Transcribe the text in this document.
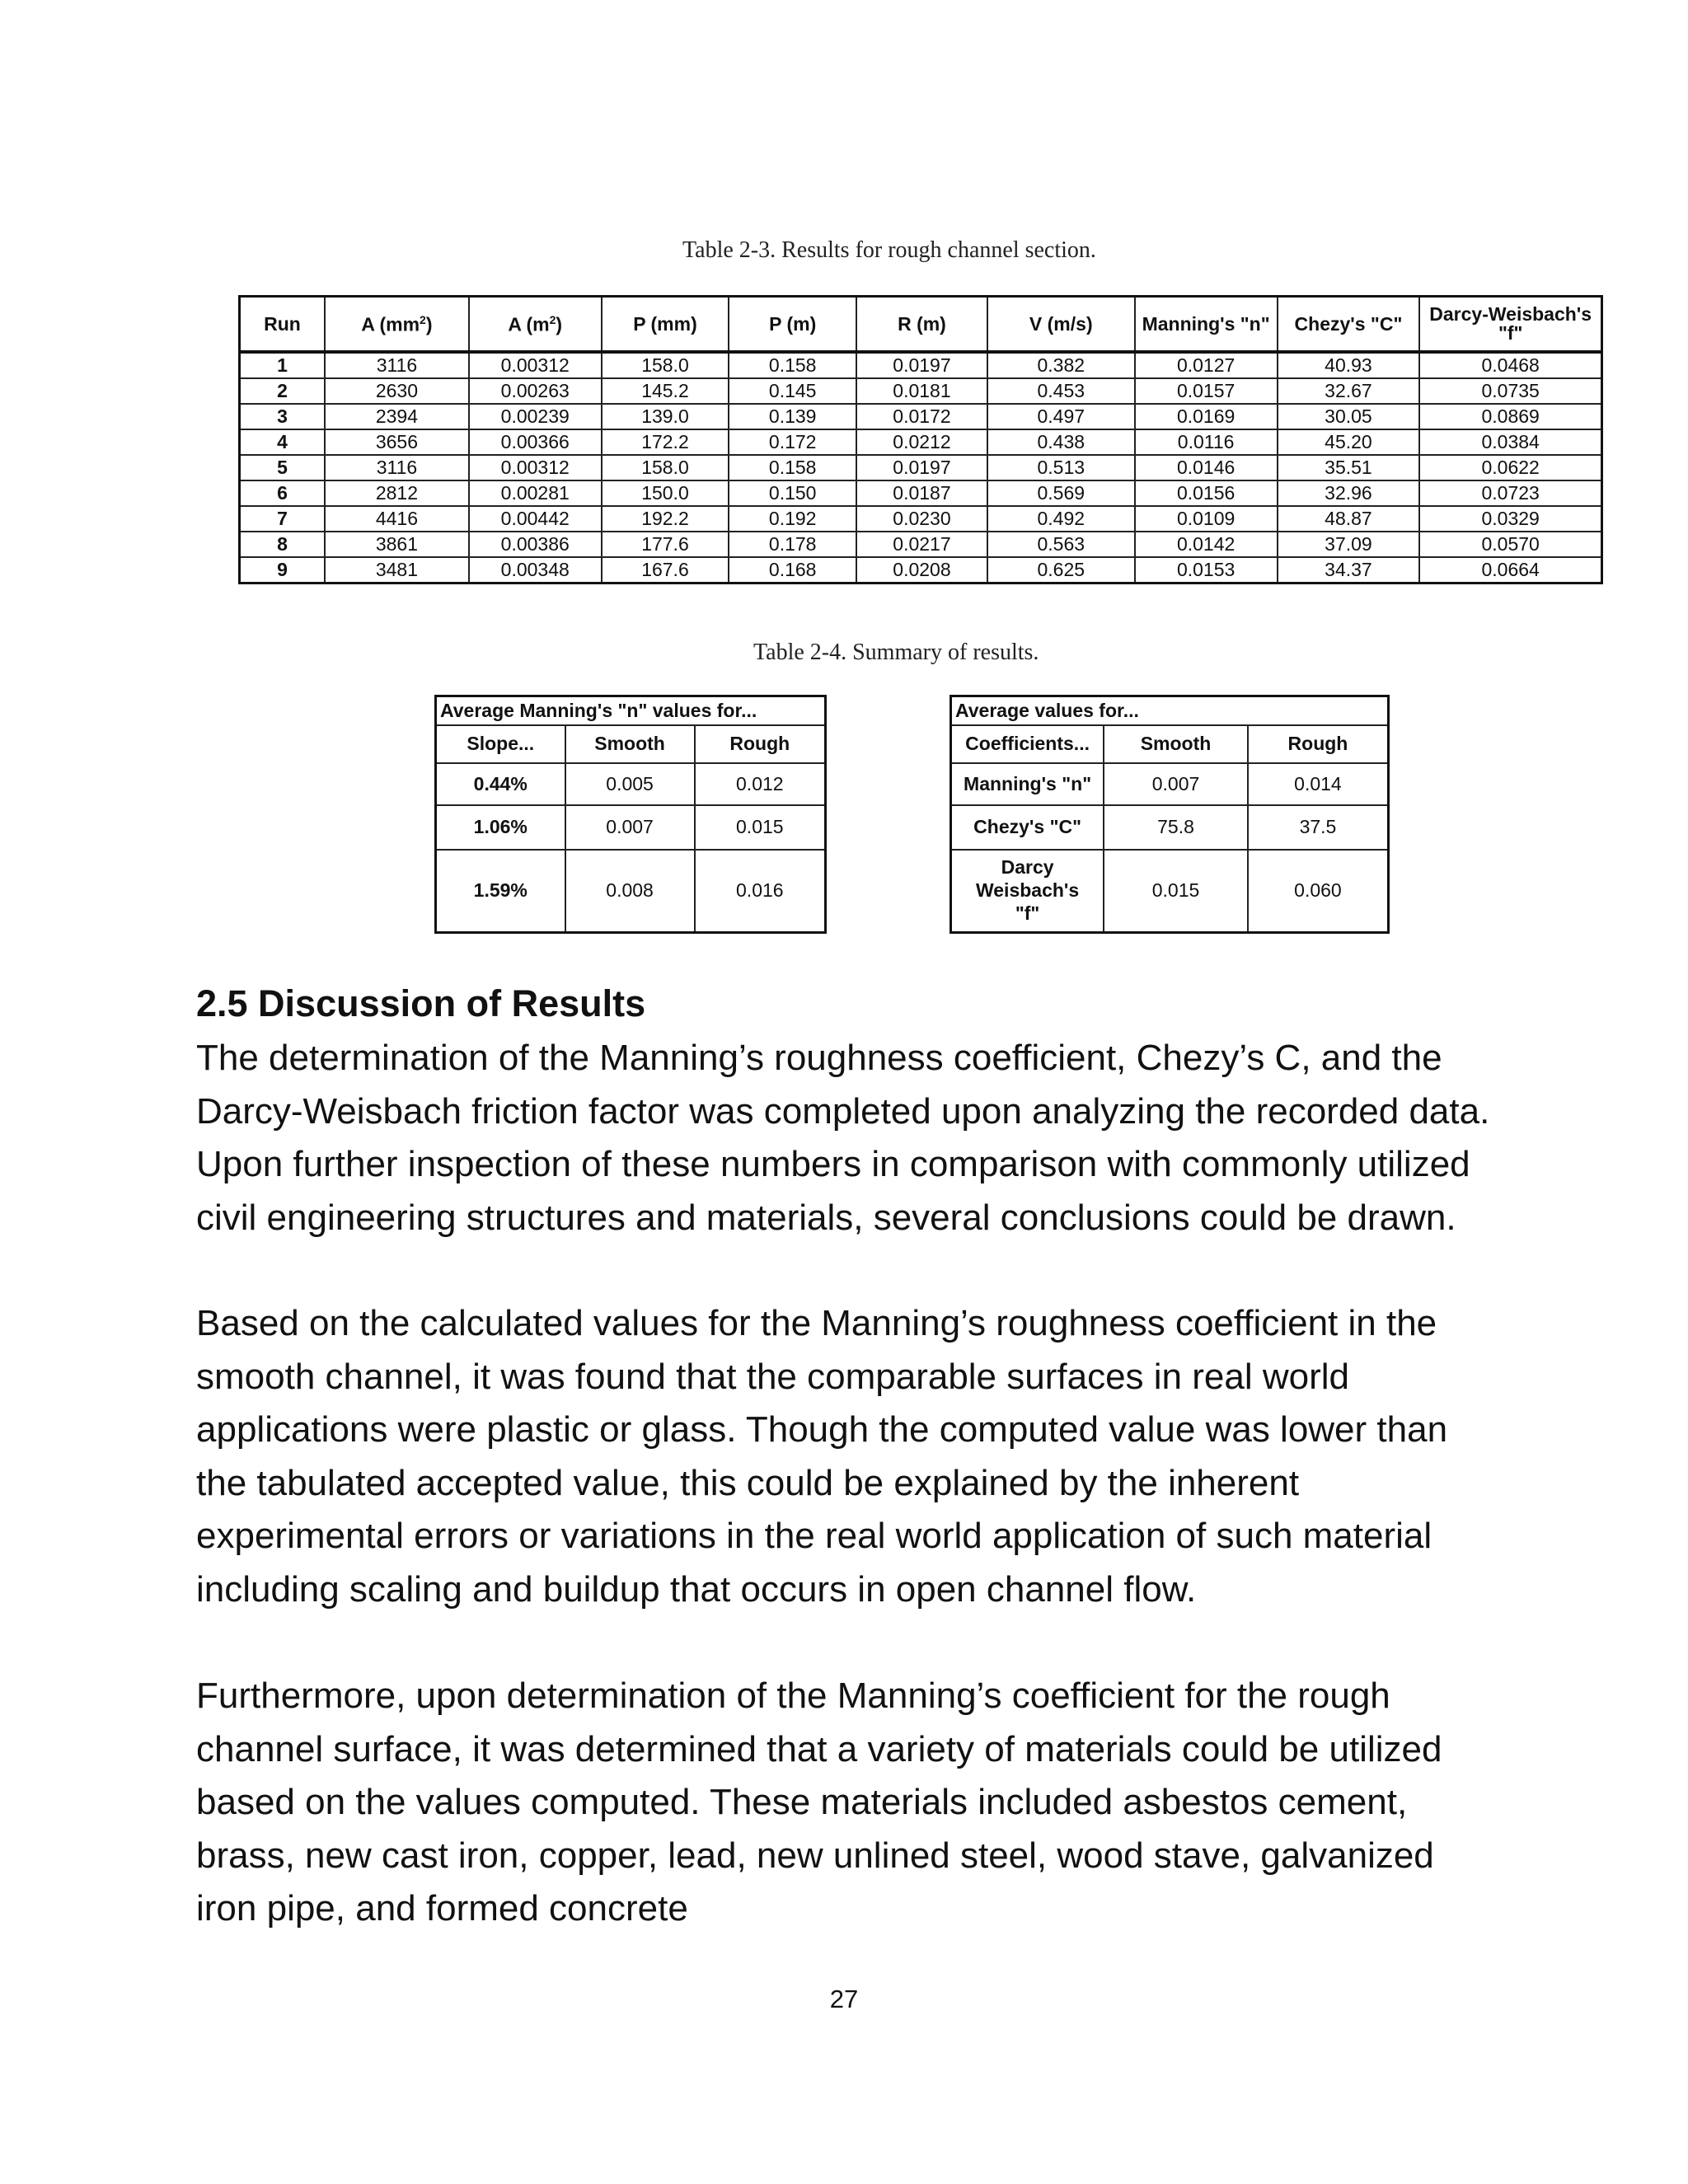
Table 2-3. Results for rough channel section.
Run	A $(mm^2)$	A $(m^2)$	P (mm)	P (m)	R (m)	V (m/s)	Manning's "n"	Chezy's "C"	Darcy-Weisbach's "f"
1	3116	0.00312	158.0	0.158	0.0197	0.382	0.0127	40.93	0.0468
2	2630	0.00263	145.2	0.145	0.0181	0.453	0.0157	32.67	0.0735
3	2394	0.00239	139.0	0.139	0.0172	0.497	0.0169	30.05	0.0869
4	3656	0.00366	172.2	0.172	0.0212	0.438	0.0116	45.20	0.0384
5	3116	0.00312	158.0	0.158	0.0197	0.513	0.0146	35.51	0.0622
6	2812	0.00281	150.0	0.150	0.0187	0.569	0.0156	32.96	0.0723
7	4416	0.00442	192.2	0.192	0.0230	0.492	0.0109	48.87	0.0329
8	3861	0.00386	177.6	0.178	0.0217	0.563	0.0142	37.09	0.0570
9	3481	0.00348	167.6	0.168	0.0208	0.625	0.0153	34.37	0.0664
Table 2-4. Summary of results.
Average Manning's "n" values for...		
Slope...	Smooth	Rough
0.44%	0.005	0.012
1.06%	0.007	0.015
1.59%	0.008	0.016
Average values for...		
Coefficients...	Smooth	Rough
Manning's "n"	0.007	0.014
Chezy's "C"	75.8	37.5
Darcy Weisbach's "f"	0.015	0.060
2.5 Discussion of Results
The determination of the Manning’s roughness coefficient, Chezy’s C, and the Darcy-Weisbach friction factor was completed upon analyzing the recorded data. Upon further inspection of these numbers in comparison with commonly utilized civil engineering structures and materials, several conclusions could be drawn.
Based on the calculated values for the Manning’s roughness coefficient in the smooth channel, it was found that the comparable surfaces in real world applications were plastic or glass. Though the computed value was lower than the tabulated accepted value, this could be explained by the inherent experimental errors or variations in the real world application of such material including scaling and buildup that occurs in open channel flow.
Furthermore, upon determination of the Manning’s coefficient for the rough channel surface, it was determined that a variety of materials could be utilized based on the values computed. These materials included asbestos cement, brass, new cast iron, copper, lead, new unlined steel, wood stave, galvanized iron pipe, and formed concrete
27
